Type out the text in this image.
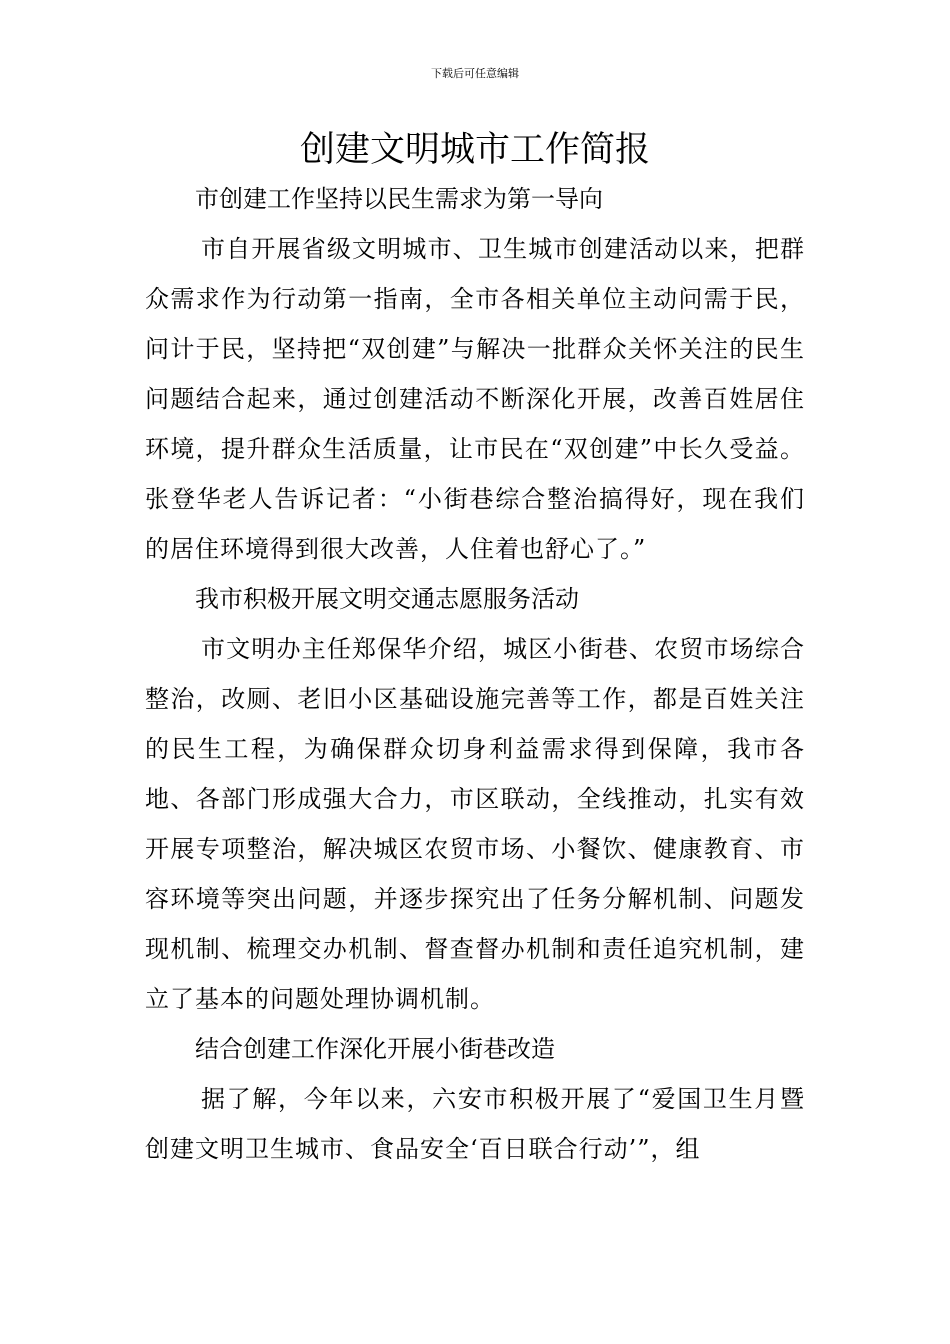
下载后可任意编辑
创建文明城市工作简报

市创建工作坚持以民生需求为第一导向

市自开展省级文明城市、卫生城市创建活动以来，把群众需求作为行动第一指南，全市各相关单位主动问需于民，问计于民，坚持把“双创建”与解决一批群众关怀关注的民生问题结合起来，通过创建活动不断深化开展，改善百姓居住环境，提升群众生活质量，让市民在“双创建”中长久受益。张登华老人告诉记者：“小街巷综合整治搞得好，现在我们的居住环境得到很大改善，人住着也舒心了。”

我市积极开展文明交通志愿服务活动

市文明办主任郑保华介绍，城区小街巷、农贸市场综合整治，改厕、老旧小区基础设施完善等工作，都是百姓关注的民生工程，为确保群众切身利益需求得到保障，我市各地、各部门形成强大合力，市区联动，全线推动，扎实有效开展专项整治，解决城区农贸市场、小餐饮、健康教育、市容环境等突出问题，并逐步探究出了任务分解机制、问题发现机制、梳理交办机制、督查督办机制和责任追究机制，建立了基本的问题处理协调机制。

结合创建工作深化开展小街巷改造

据了解，今年以来，六安市积极开展了“爱国卫生月暨创建文明卫生城市、食品安全‘百日联合行动’”，组
